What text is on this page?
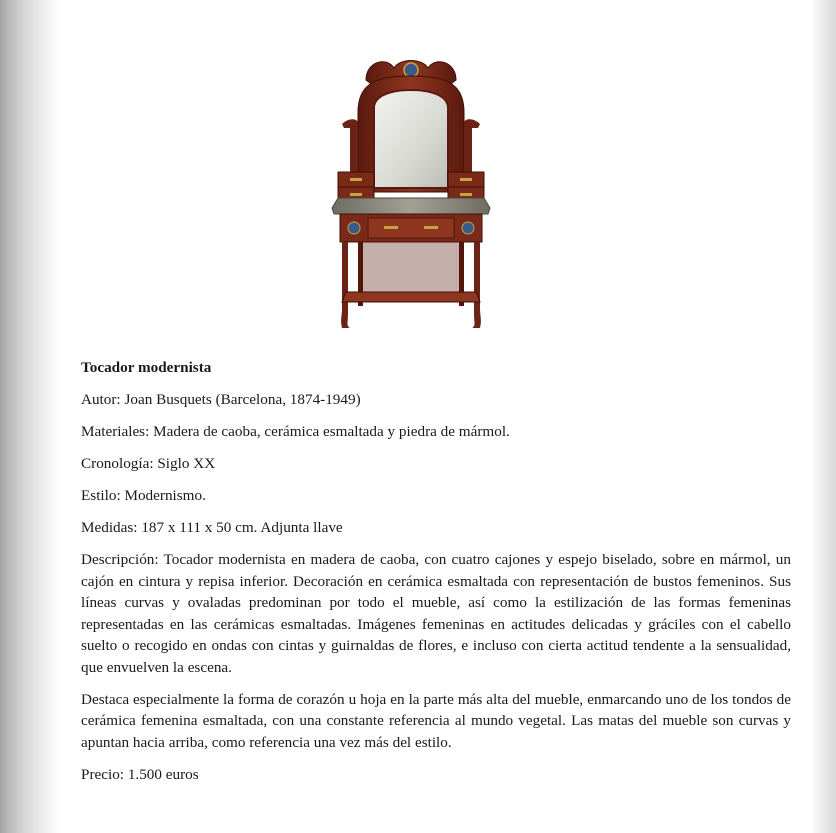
Tocador modernista

Autor: Joan Busquets (Barcelona, 1874-1949)

Materiales: Madera de caoba, cerámica esmaltada y piedra de mármol.

Cronología: Siglo XX

Estilo: Modernismo.

Medidas: 187 x 111 x 50 cm. Adjunta llave

Descripción: Tocador modernista en madera de caoba, con cuatro cajones y espejo biselado, sobre en mármol, un cajón en cintura y repisa inferior. Decoración en cerámica esmaltada con representación de bustos femeninos. Sus líneas curvas y ovaladas predominan por todo el mueble, así como la estilización de las formas femeninas representadas en las cerámicas esmaltadas. Imágenes femeninas en actitudes delicadas y gráciles con el cabello suelto o recogido en ondas con cintas y guirnaldas de flores, e incluso con cierta actitud tendente a la sensualidad, que envuelven la escena.

Destaca especialmente la forma de corazón u hoja en la parte más alta del mueble, enmarcando uno de los tondos de cerámica femenina esmaltada, con una constante referencia al mundo vegetal. Las matas del mueble son curvas y apuntan hacia arriba, como referencia una vez más del estilo.

Precio: 1.500 euros
